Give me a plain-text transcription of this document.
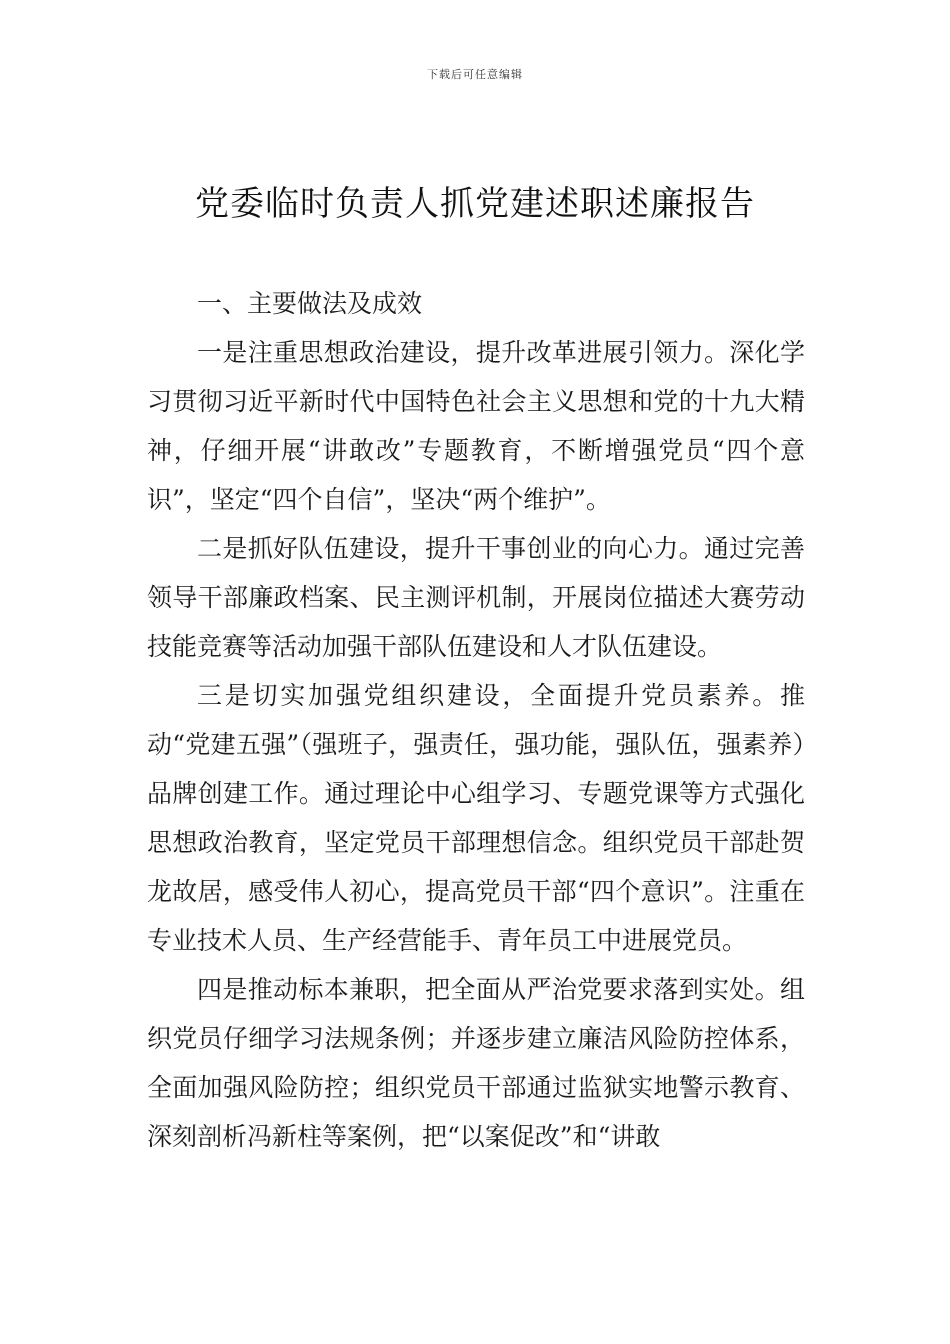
下载后可任意编辑
党委临时负责人抓党建述职述廉报告

一、主要做法及成效

一是注重思想政治建设，提升改革进展引领力。深化学习贯彻习近平新时代中国特色社会主义思想和党的十九大精神，仔细开展“讲敢改”专题教育，不断增强党员“四个意识”，坚定“四个自信”，坚决“两个维护”。

二是抓好队伍建设，提升干事创业的向心力。通过完善领导干部廉政档案、民主测评机制，开展岗位描述大赛劳动技能竞赛等活动加强干部队伍建设和人才队伍建设。

三是切实加强党组织建设，全面提升党员素养。推动“党建五强”（强班子，强责任，强功能，强队伍，强素养）品牌创建工作。通过理论中心组学习、专题党课等方式强化思想政治教育，坚定党员干部理想信念。组织党员干部赴贺龙故居，感受伟人初心，提高党员干部“四个意识”。注重在专业技术人员、生产经营能手、青年员工中进展党员。

四是推动标本兼职，把全面从严治党要求落到实处。组织党员仔细学习法规条例；并逐步建立廉洁风险防控体系，全面加强风险防控；组织党员干部通过监狱实地警示教育、深刻剖析冯新柱等案例，把“以案促改”和“讲敢
